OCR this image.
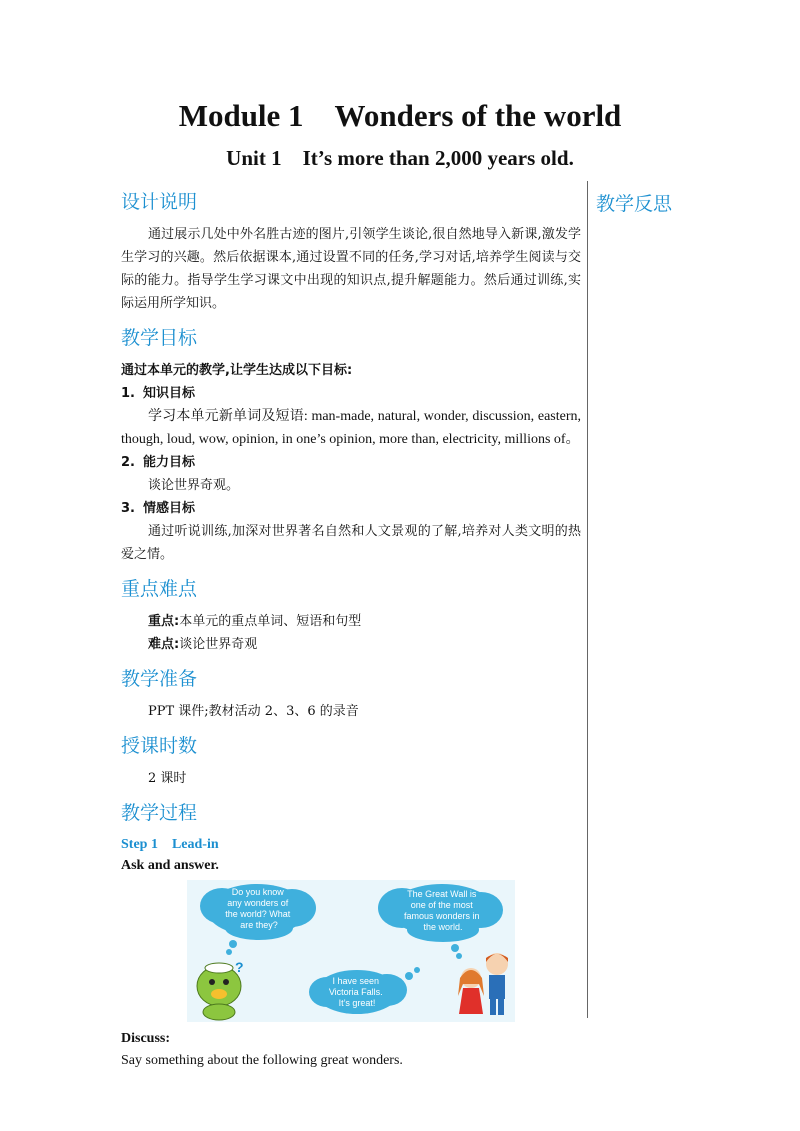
Module 1    Wonders of the world
Unit 1    It’s more than 2,000 years old.
教学反思
设计说明

通过展示几处中外名胜古迹的图片,引领学生谈论,很自然地导入新课,激发学生学习的兴趣。然后依据课本,通过设置不同的任务,学习对话,培养学生阅读与交际的能力。指导学生学习课文中出现的知识点,提升解题能力。然后通过训练,实际运用所学知识。

教学目标

通过本单元的教学,让学生达成以下目标:

1. 知识目标

学习本单元新单词及短语: man-made, natural, wonder, discussion, eastern, though, loud, wow, opinion, in one’s opinion, more than, electricity, millions of。

2. 能力目标

谈论世界奇观。

3. 情感目标

通过听说训练,加深对世界著名自然和人文景观的了解,培养对人类文明的热爱之情。

重点难点

重点:本单元的重点单词、短语和句型

难点:谈论世界奇观

教学准备

PPT 课件;教材活动 2、3、6 的录音

授课时数

2 课时

教学过程

Step 1    Lead-in

Ask and answer.

Do you know any wonders of the world? What are they?
The Great Wall is one of the most famous wonders in the world.
I have seen Victoria Falls. It’s great!
?

Discuss:

Say something about the following great wonders.
